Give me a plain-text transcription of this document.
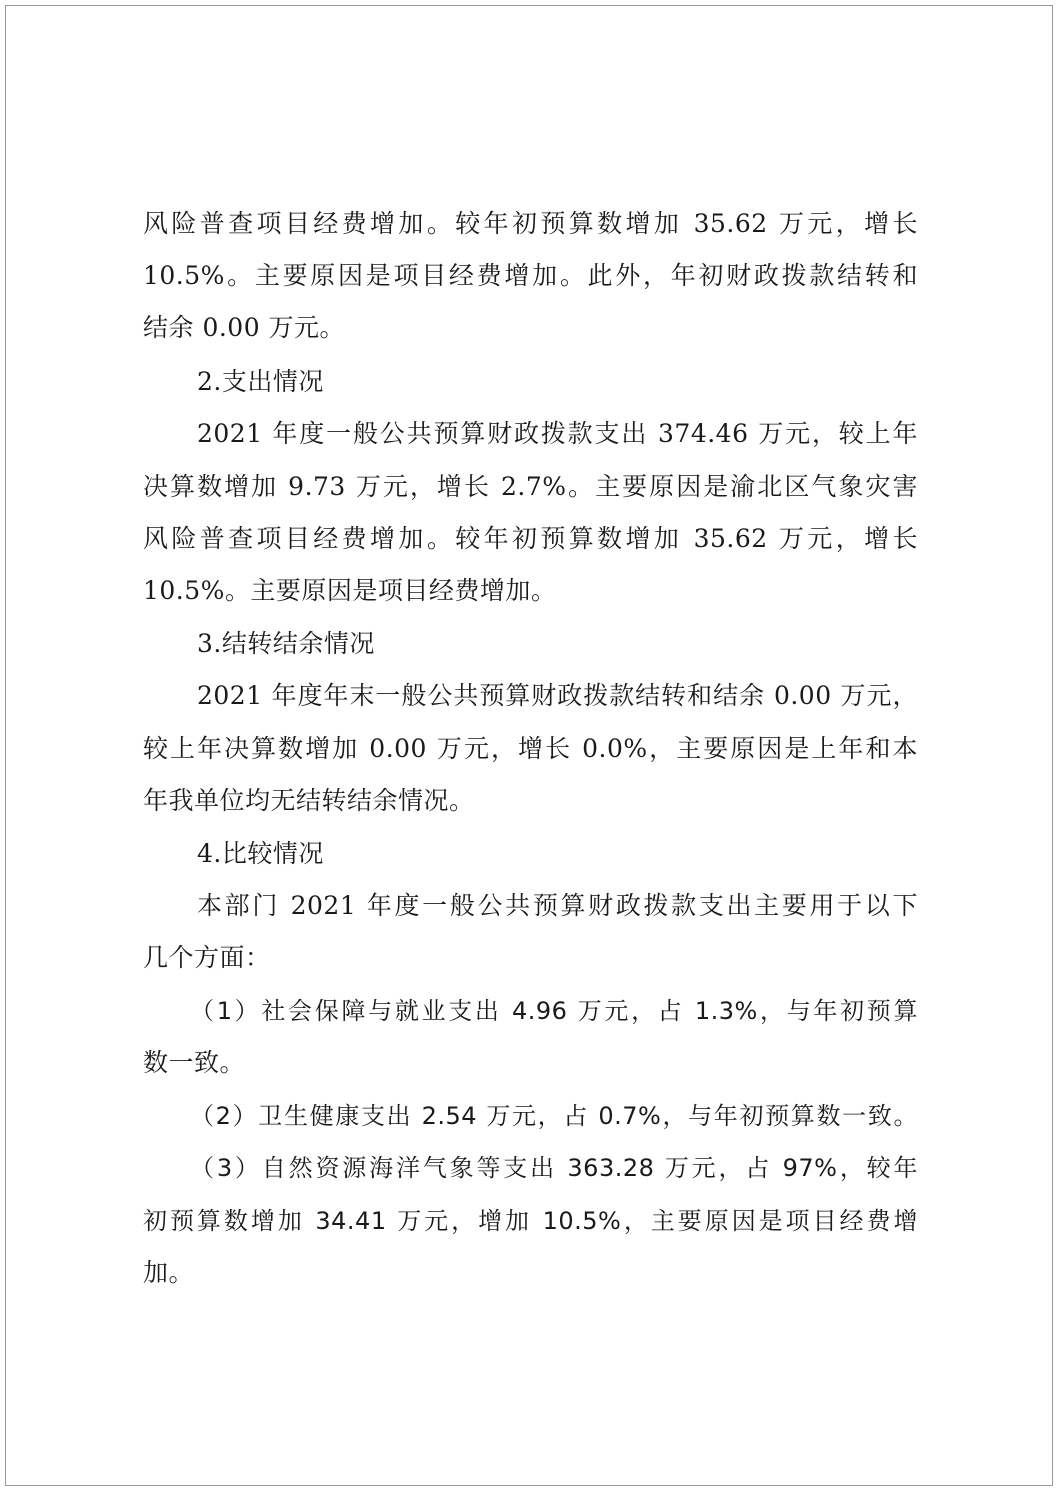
风险普查项目经费增加。较年初预算数增加 35.62 万元，增长
10.5%。主要原因是项目经费增加。此外，年初财政拨款结转和
结余 0.00 万元。
2.支出情况
2021 年度一般公共预算财政拨款支出 374.46 万元，较上年
决算数增加 9.73 万元，增长 2.7%。主要原因是渝北区气象灾害
风险普查项目经费增加。较年初预算数增加 35.62 万元，增长
10.5%。主要原因是项目经费增加。
3.结转结余情况
2021 年度年末一般公共预算财政拨款结转和结余 0.00 万元，
较上年决算数增加 0.00 万元，增长 0.0%，主要原因是上年和本
年我单位均无结转结余情况。
4.比较情况
本部门 2021 年度一般公共预算财政拨款支出主要用于以下
几个方面：
（1）社会保障与就业支出 4.96 万元，占 1.3%，与年初预算
数一致。
（2）卫生健康支出 2.54 万元，占 0.7%，与年初预算数一致。
（3）自然资源海洋气象等支出 363.28 万元，占 97%，较年
初预算数增加 34.41 万元，增加 10.5%，主要原因是项目经费增
加。
